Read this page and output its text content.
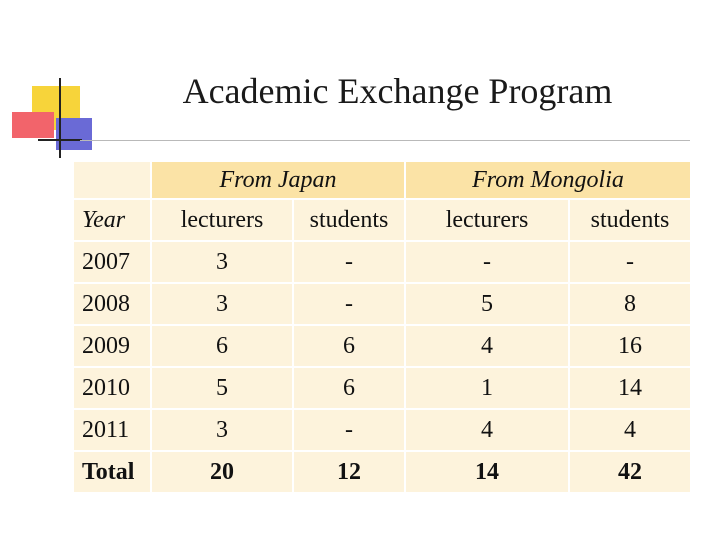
Academic Exchange Program
	From Japan		From Mongolia	
Year	lecturers	students	lecturers	students
2007	3	-	-	-
2008	3	-	5	8
2009	6	6	4	16
2010	5	6	1	14
2011	3	-	4	4
Total	20	12	14	42
